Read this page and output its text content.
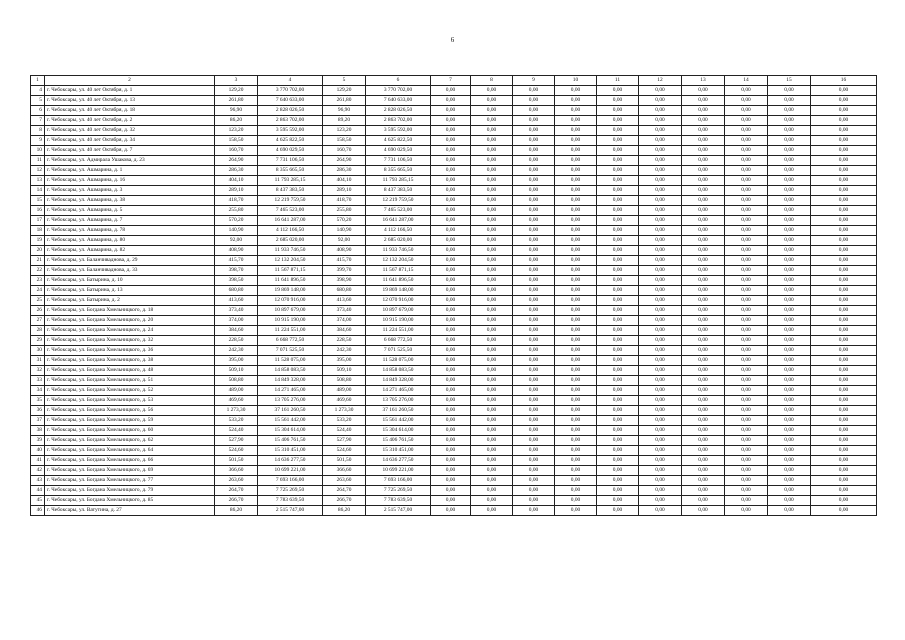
6
1	2	3	4	5	6	7	8	9	10	11	12	13	14	15	16
4	г. Чебоксары, ул. 40 лет Октября, д. 1	129,20	3 770 702,00	129,20	3 770 702,00	0,00	0,00	0,00	0,00	0,00	0,00	0,00	0,00	0,00	0,00
5	г. Чебоксары, ул. 40 лет Октября, д. 13	261,80	7 640 633,00	261,80	7 640 633,00	0,00	0,00	0,00	0,00	0,00	0,00	0,00	0,00	0,00	0,00
6	г. Чебоксары, ул. 40 лет Октября, д. 18	96,90	2 828 026,50	96,90	2 828 026,50	0,00	0,00	0,00	0,00	0,00	0,00	0,00	0,00	0,00	0,00
7	г. Чебоксары, ул. 40 лет Октября, д. 2	86,20	2 863 702,00	89,20	2 863 702,00	0,00	0,00	0,00	0,00	0,00	0,00	0,00	0,00	0,00	0,00
8	г. Чебоксары, ул. 40 лет Октября, д. 32	123,20	3 595 592,00	123,20	3 595 592,00	0,00	0,00	0,00	0,00	0,00	0,00	0,00	0,00	0,00	0,00
9	г. Чебоксары, ул. 40 лет Октября, д. 34	158,50	4 625 822,50	158,50	4 625 822,50	0,00	0,00	0,00	0,00	0,00	0,00	0,00	0,00	0,00	0,00
10	г. Чебоксары, ул. 40 лет Октября, д. 7	160,70	4 690 029,50	160,70	4 690 029,50	0,00	0,00	0,00	0,00	0,00	0,00	0,00	0,00	0,00	0,00
11	г. Чебоксары, ул. Адмирала Ушакова, д. 23	264,90	7 731 106,50	264,90	7 731 106,50	0,00	0,00	0,00	0,00	0,00	0,00	0,00	0,00	0,00	0,00
12	г. Чебоксары, ул. Ашмарина, д. 1	286,30	8 355 665,50	286,30	8 355 665,50	0,00	0,00	0,00	0,00	0,00	0,00	0,00	0,00	0,00	0,00
13	г. Чебоксары, ул. Ашмарина, д. 16	404,10	11 793 285,15	404,10	11 793 285,15	0,00	0,00	0,00	0,00	0,00	0,00	0,00	0,00	0,00	0,00
14	г. Чебоксары, ул. Ашмарина, д. 3	289,10	8 437 383,50	289,10	8 437 383,50	0,00	0,00	0,00	0,00	0,00	0,00	0,00	0,00	0,00	0,00
15	г. Чебоксары, ул. Ашмарина, д. 38	418,70	12 219 759,50	418,70	12 219 759,50	0,00	0,00	0,00	0,00	0,00	0,00	0,00	0,00	0,00	0,00
16	г. Чебоксары, ул. Ашмарина, д. 5	255,80	7 465 523,00	255,80	7 465 523,00	0,00	0,00	0,00	0,00	0,00	0,00	0,00	0,00	0,00	0,00
17	г. Чебоксары, ул. Ашмарина, д. 7	570,20	16 641 287,00	570,20	16 641 287,00	0,00	0,00	0,00	0,00	0,00	0,00	0,00	0,00	0,00	0,00
18	г. Чебоксары, ул. Ашмарина, д. 78	140,90	4 112 166,50	140,90	4 112 166,50	0,00	0,00	0,00	0,00	0,00	0,00	0,00	0,00	0,00	0,00
19	г. Чебоксары, ул. Ашмарина, д. 80	92,00	2 685 020,00	92,00	2 685 020,00	0,00	0,00	0,00	0,00	0,00	0,00	0,00	0,00	0,00	0,00
20	г. Чебоксары, ул. Ашмарина, д. 82	408,90	11 933 746,50	408,90	11 933 746,50	0,00	0,00	0,00	0,00	0,00	0,00	0,00	0,00	0,00	0,00
21	г. Чебоксары, ул. Баланчиваднова, д. 29	415,70	12 132 204,50	415,70	12 132 204,50	0,00	0,00	0,00	0,00	0,00	0,00	0,00	0,00	0,00	0,00
22	г. Чебоксары, ул. Баланчиваднова, д. 33	398,70	11 567 871,15	399,70	11 567 871,15	0,00	0,00	0,00	0,00	0,00	0,00	0,00	0,00	0,00	0,00
23	г. Чебоксары, ул. Батырина, д. 10	398,50	11 641 896,50	398,90	11 641 896,50	0,00	0,00	0,00	0,00	0,00	0,00	0,00	0,00	0,00	0,00
24	г. Чебоксары, ул. Батырина, д. 13	680,80	19 869 148,00	680,80	19 869 148,00	0,00	0,00	0,00	0,00	0,00	0,00	0,00	0,00	0,00	0,00
25	г. Чебоксары, ул. Батырина, д. 2	413,60	12 070 916,00	413,60	12 070 916,00	0,00	0,00	0,00	0,00	0,00	0,00	0,00	0,00	0,00	0,00
26	г. Чебоксары, ул. Богдана Хмельницкого, д. 18	373,40	10 897 679,00	373,40	10 897 679,00	0,00	0,00	0,00	0,00	0,00	0,00	0,00	0,00	0,00	0,00
27	г. Чебоксары, ул. Богдана Хмельницкого, д. 20	374,00	10 915 190,00	374,00	10 915 190,00	0,00	0,00	0,00	0,00	0,00	0,00	0,00	0,00	0,00	0,00
28	г. Чебоксары, ул. Богдана Хмельницкого, д. 24	384,60	11 224 551,00	384,60	11 224 551,00	0,00	0,00	0,00	0,00	0,00	0,00	0,00	0,00	0,00	0,00
29	г. Чебоксары, ул. Богдана Хмельницкого, д. 32	228,50	6 668 772,50	228,50	6 668 772,50	0,00	0,00	0,00	0,00	0,00	0,00	0,00	0,00	0,00	0,00
30	г. Чебоксары, ул. Богдана Хмельницкого, д. 36	242,30	7 071 525,50	242,30	7 071 525,50	0,00	0,00	0,00	0,00	0,00	0,00	0,00	0,00	0,00	0,00
31	г. Чебоксары, ул. Богдана Хмельницкого, д. 38	395,00	11 528 075,00	395,00	11 528 075,00	0,00	0,00	0,00	0,00	0,00	0,00	0,00	0,00	0,00	0,00
32	г. Чебоксары, ул. Богдана Хмельницкого, д. 48	509,10	14 858 083,50	509,10	14 858 083,50	0,00	0,00	0,00	0,00	0,00	0,00	0,00	0,00	0,00	0,00
33	г. Чебоксары, ул. Богдана Хмельницкого, д. 51	508,80	14 849 328,00	508,80	14 849 328,00	0,00	0,00	0,00	0,00	0,00	0,00	0,00	0,00	0,00	0,00
34	г. Чебоксары, ул. Богдана Хмельницкого, д. 52	489,00	14 271 465,00	489,00	14 271 465,00	0,00	0,00	0,00	0,00	0,00	0,00	0,00	0,00	0,00	0,00
35	г. Чебоксары, ул. Богдана Хмельницкого, д. 53	469,60	13 705 276,00	469,60	13 705 276,00	0,00	0,00	0,00	0,00	0,00	0,00	0,00	0,00	0,00	0,00
36	г. Чебоксары, ул. Богдана Хмельницкого, д. 56	1 273,30	37 161 260,50	1 273,30	37 161 260,50	0,00	0,00	0,00	0,00	0,00	0,00	0,00	0,00	0,00	0,00
37	г. Чебоксары, ул. Богдана Хмельницкого, д. 59	533,20	15 561 442,00	533,20	15 561 442,00	0,00	0,00	0,00	0,00	0,00	0,00	0,00	0,00	0,00	0,00
38	г. Чебоксары, ул. Богдана Хмельницкого, д. 60	524,40	15 304 614,00	524,40	15 304 614,00	0,00	0,00	0,00	0,00	0,00	0,00	0,00	0,00	0,00	0,00
39	г. Чебоксары, ул. Богдана Хмельницкого, д. 62	527,90	15 406 761,50	527,90	15 406 761,50	0,00	0,00	0,00	0,00	0,00	0,00	0,00	0,00	0,00	0,00
40	г. Чебоксары, ул. Богдана Хмельницкого, д. 64	524,60	15 310 451,00	524,60	15 310 451,00	0,00	0,00	0,00	0,00	0,00	0,00	0,00	0,00	0,00	0,00
41	г. Чебоксары, ул. Богдана Хмельницкого, д. 66	501,50	14 636 277,50	501,50	14 636 277,50	0,00	0,00	0,00	0,00	0,00	0,00	0,00	0,00	0,00	0,00
42	г. Чебоксары, ул. Богдана Хмельницкого, д. 69	366,60	10 699 221,00	366,60	10 699 221,00	0,00	0,00	0,00	0,00	0,00	0,00	0,00	0,00	0,00	0,00
43	г. Чебоксары, ул. Богдана Хмельницкого, д. 77	263,60	7 693 166,00	263,60	7 693 166,00	0,00	0,00	0,00	0,00	0,00	0,00	0,00	0,00	0,00	0,00
44	г. Чебоксары, ул. Богдана Хмельницкого, д. 79	264,70	7 725 269,50	264,70	7 725 269,50	0,00	0,00	0,00	0,00	0,00	0,00	0,00	0,00	0,00	0,00
45	г. Чебоксары, ул. Богдана Хмельницкого, д. 85	266,70	7 783 639,50	266,70	7 783 639,50	0,00	0,00	0,00	0,00	0,00	0,00	0,00	0,00	0,00	0,00
46	г. Чебоксары, ул. Ватутина, д. 27	86,20	2 515 747,00	86,20	2 515 747,00	0,00	0,00	0,00	0,00	0,00	0,00	0,00	0,00	0,00	0,00
